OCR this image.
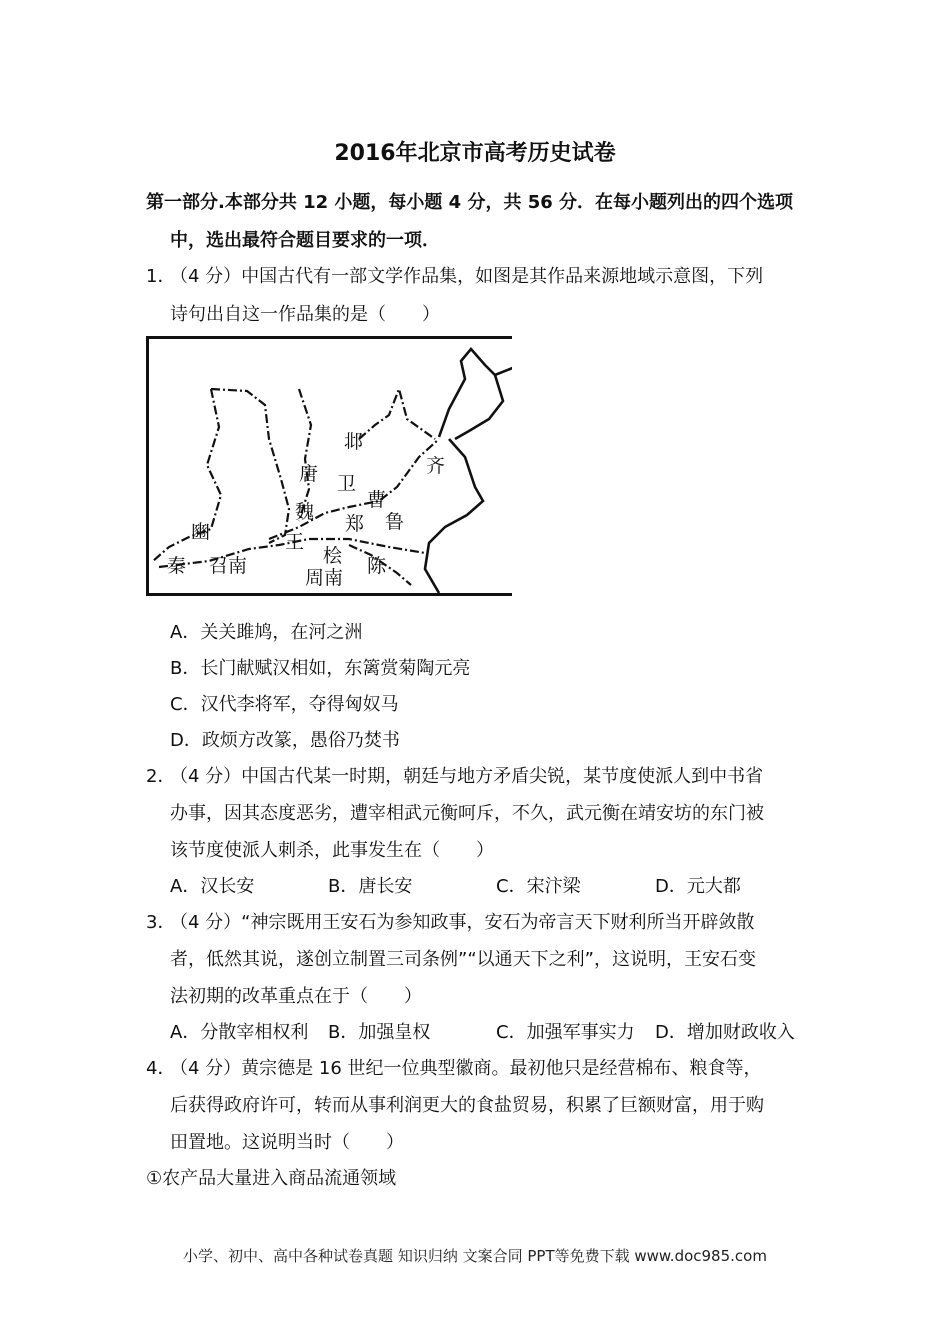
2016年北京市高考历史试卷
第一部分.本部分共 12 小题，每小题 4 分，共 56 分．在每小题列出的四个选项
中，选出最符合题目要求的一项．
1．
（4 分）中国古代有一部文学作品集，如图是其作品来源地域示意图，下列
诗句出自这一作品集的是（　　）
邶
齐
唐 卫
曹
魏
郑 鲁
豳	王
桧
秦 召南
周南
陈
A．关关雎鸠，在河之洲
B．长门献赋汉相如，东篱赏菊陶元亮
C．汉代李将军，夺得匈奴马
D．政烦方改篆，愚俗乃焚书
2．
（4 分）中国古代某一时期，朝廷与地方矛盾尖锐，某节度使派人到中书省
办事，因其态度恶劣，遭宰相武元衡呵斥，不久，武元衡在靖安坊的东门被
该节度使派人刺杀，此事发生在（　　）
A．汉长安	B．唐长安	C．宋汴梁	D．元大都
3．
（4 分）“神宗既用王安石为参知政事，安石为帝言天下财利所当开辟敛散
者，低然其说，遂创立制置三司条例”“以通天下之利”，这说明，王安石变
法初期的改革重点在于（　　）
A．分散宰相权利 B．加强皇权	C．加强军事实力 D．增加财政收入
4．
（4 分）黄宗德是 16 世纪一位典型徽商。最初他只是经营棉布、粮食等，
后获得政府许可，转而从事利润更大的食盐贸易，积累了巨额财富，用于购
田置地。这说明当时（　　）
①农产品大量进入商品流通领域
小学、初中、高中各种试卷真题 知识归纳 文案合同 PPT等免费下载 www.doc985.com
